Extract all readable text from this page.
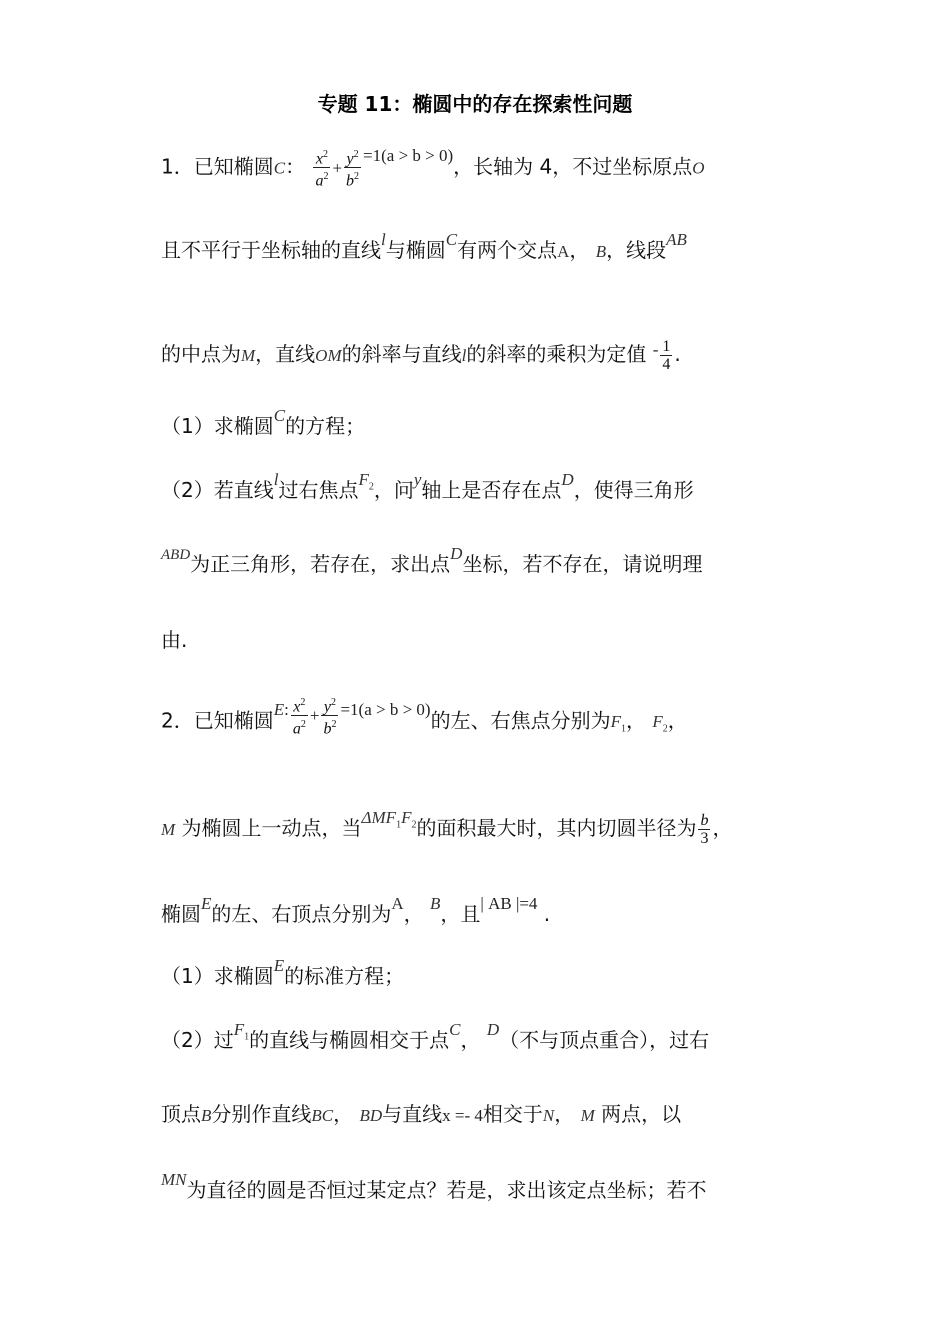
专题 11：椭圆中的存在探索性问题
1．已知椭圆C： $\frac{x^2}{a^2} + \frac{y^2}{b^2} ^{=1(a > b > 0)}$，长轴为 4，不过坐标原点O
且不平行于坐标轴的直线$^l$与椭圆$^C$有两个交点A， B，线段$^{AB}$
的中点为M，直线OM的斜率与直线l的斜率的乘积为定值 $^- \frac{1}{4}$ .
（1）求椭圆$^C$的方程；
（2）若直线$^l$过右焦点$^{F_2}$，问$^y$轴上是否存在点$^D$，使得三角形
$^{ABD}$为正三角形，若存在，求出点$^D$坐标，若不存在，请说明理
由.
2．已知椭圆$^{E:} \frac{x^2}{a^2} ^+ \frac{y^2}{b^2} ^{=1(a > b > 0)}$的左、右焦点分别为$F_1$， $F_2$，
M 为椭圆上一动点，当$^{\Delta MF_1F_2}$的面积最大时，其内切圆半径为 $\frac{b}{3}$ ，
椭圆$^E$的左、右顶点分别为$^A$， $^B$，且$^{| AB |=4}$ .
（1）求椭圆$^E$的标准方程；
（2）过$^{F_1}$的直线与椭圆相交于点$^C$， $^D$（不与顶点重合），过右
顶点B分别作直线BC， BD与直线x =- 4相交于N， M 两点，以
$^{MN}$为直径的圆是否恒过某定点？若是，求出该定点坐标；若不
